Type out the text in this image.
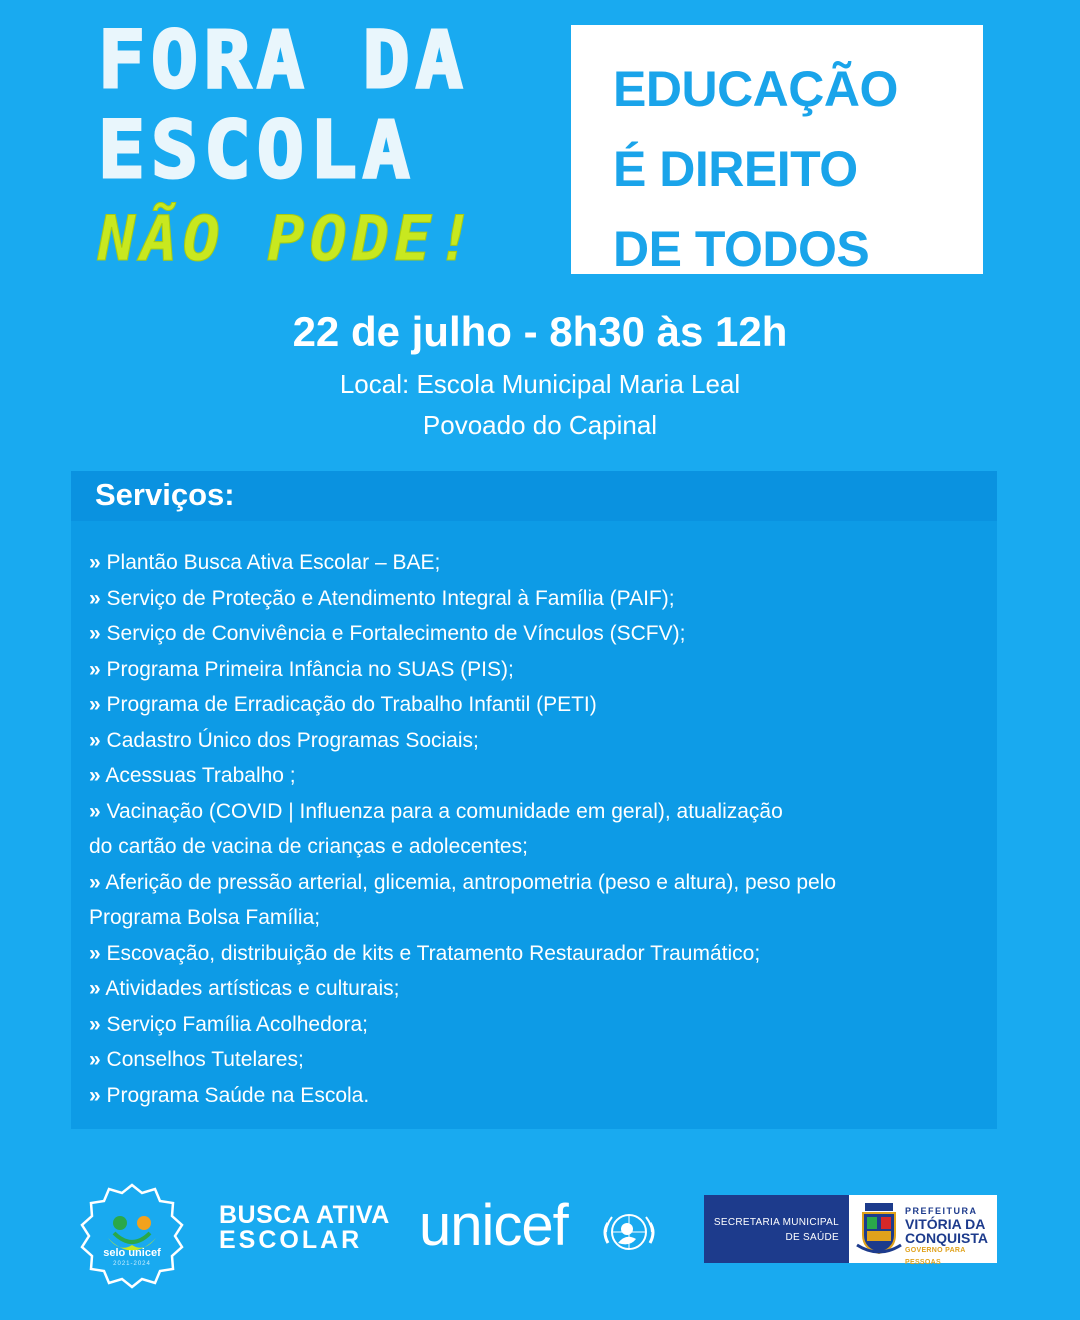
FORA DA
ESCOLA
NÃO PODE!
EDUCAÇÃO
É DIREITO
DE TODOS
22 de julho - 8h30 às 12h
Local: Escola Municipal Maria Leal
Povoado do Capinal
Serviços:
» Plantão Busca Ativa Escolar – BAE;
» Serviço de Proteção e Atendimento Integral à Família (PAIF);
» Serviço de Convivência e Fortalecimento de Vínculos (SCFV);
» Programa Primeira Infância no SUAS (PIS);
» Programa de Erradicação do Trabalho Infantil (PETI)
» Cadastro Único dos Programas Sociais;
» Acessuas Trabalho ;
» Vacinação (COVID | Influenza para a comunidade em geral), atualização
do cartão de vacina de crianças e adolecentes;
» Aferição de pressão arterial, glicemia, antropometria (peso e altura), peso pelo
Programa Bolsa Família;
» Escovação, distribuição de kits e Tratamento Restaurador Traumático;
» Atividades artísticas e culturais;
» Serviço Família Acolhedora;
» Conselhos Tutelares;
» Programa Saúde na Escola.
selo unicef
2021-2024
BUSCA ATIVA
ESCOLAR unicef	SECRETARIA MUNICIPAL
DE SAÚDE
PREFEITURA
VITÓRIA DA
CONQUISTA
GOVERNO PARA PESSOAS
